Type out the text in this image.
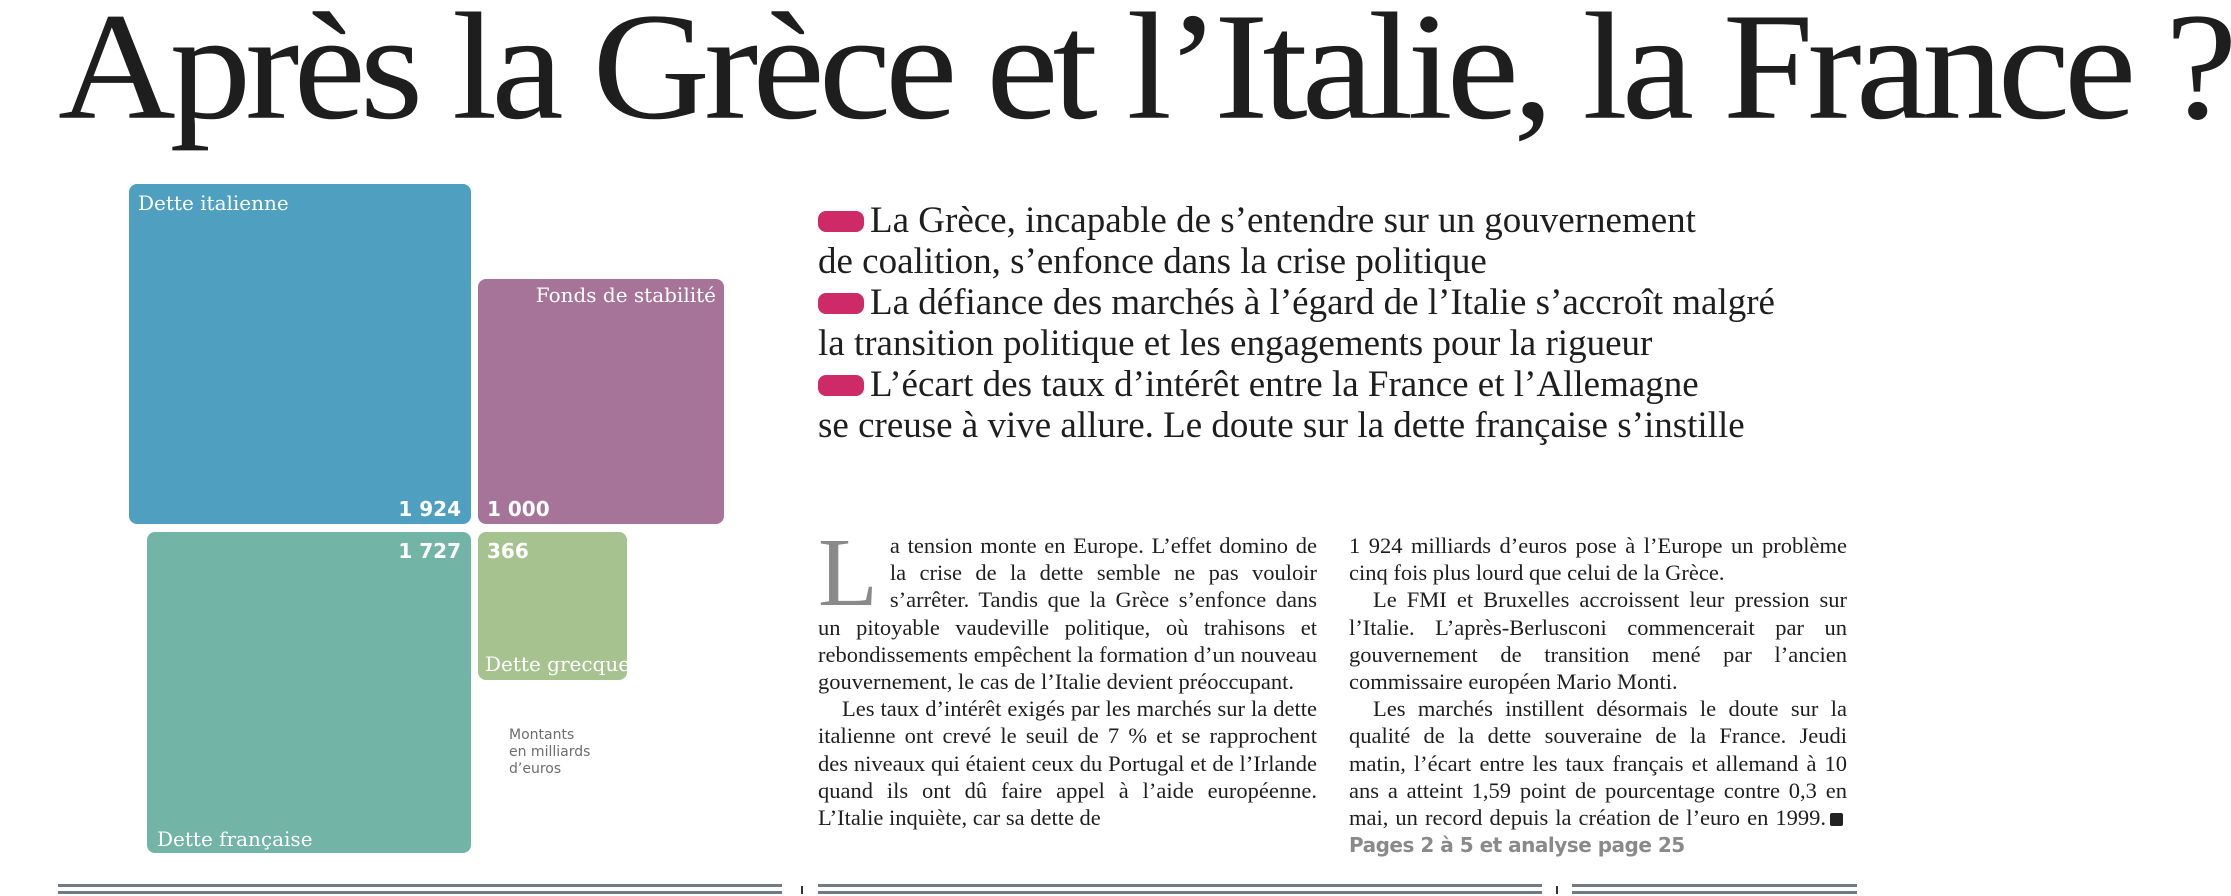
Après la Grèce et l’Italie, la France ?
Dette italienne
1 924
Fonds de stabilité
1 000
1 727
Dette française
366
Dette grecque

Montants
en milliards
d’euros

La Grèce, incapable de s’entendre sur un gouvernement
de coalition, s’enfonce dans la crise politique

La défiance des marchés à l’égard de l’Italie s’accroît malgré
la transition politique et les engagements pour la rigueur

L’écart des taux d’intérêt entre la France et l’Allemagne
se creuse à vive allure. Le doute sur la dette française s’instille

La tension monte en Europe. L’effet domino de la crise de la dette semble ne pas vouloir s’arrêter. Tandis que la Grèce s’enfonce dans un pitoyable vaudeville politique, où trahisons et rebondissements empêchent la formation d’un nouveau gouvernement, le cas de l’Italie devient préoccupant.

Les taux d’intérêt exigés par les marchés sur la dette italienne ont crevé le seuil de 7 % et se rapprochent des niveaux qui étaient ceux du Portugal et de l’Irlande quand ils ont dû faire appel à l’aide européenne. L’Italie inquiète, car sa dette de

1 924 milliards d’euros pose à l’Europe un problème cinq fois plus lourd que celui de la Grèce.

Le FMI et Bruxelles accroissent leur pression sur l’Italie. L’après-Berlusconi commencerait par un gouvernement de transition mené par l’ancien commissaire européen Mario Monti.

Les marchés instillent désormais le doute sur la qualité de la dette souveraine de la France. Jeudi matin, l’écart entre les taux français et allemand à 10 ans a atteint 1,59 point de pourcentage contre 0,3 en mai, un record depuis la création de l’euro en 1999.Pages 2 à 5 et analyse page 25
